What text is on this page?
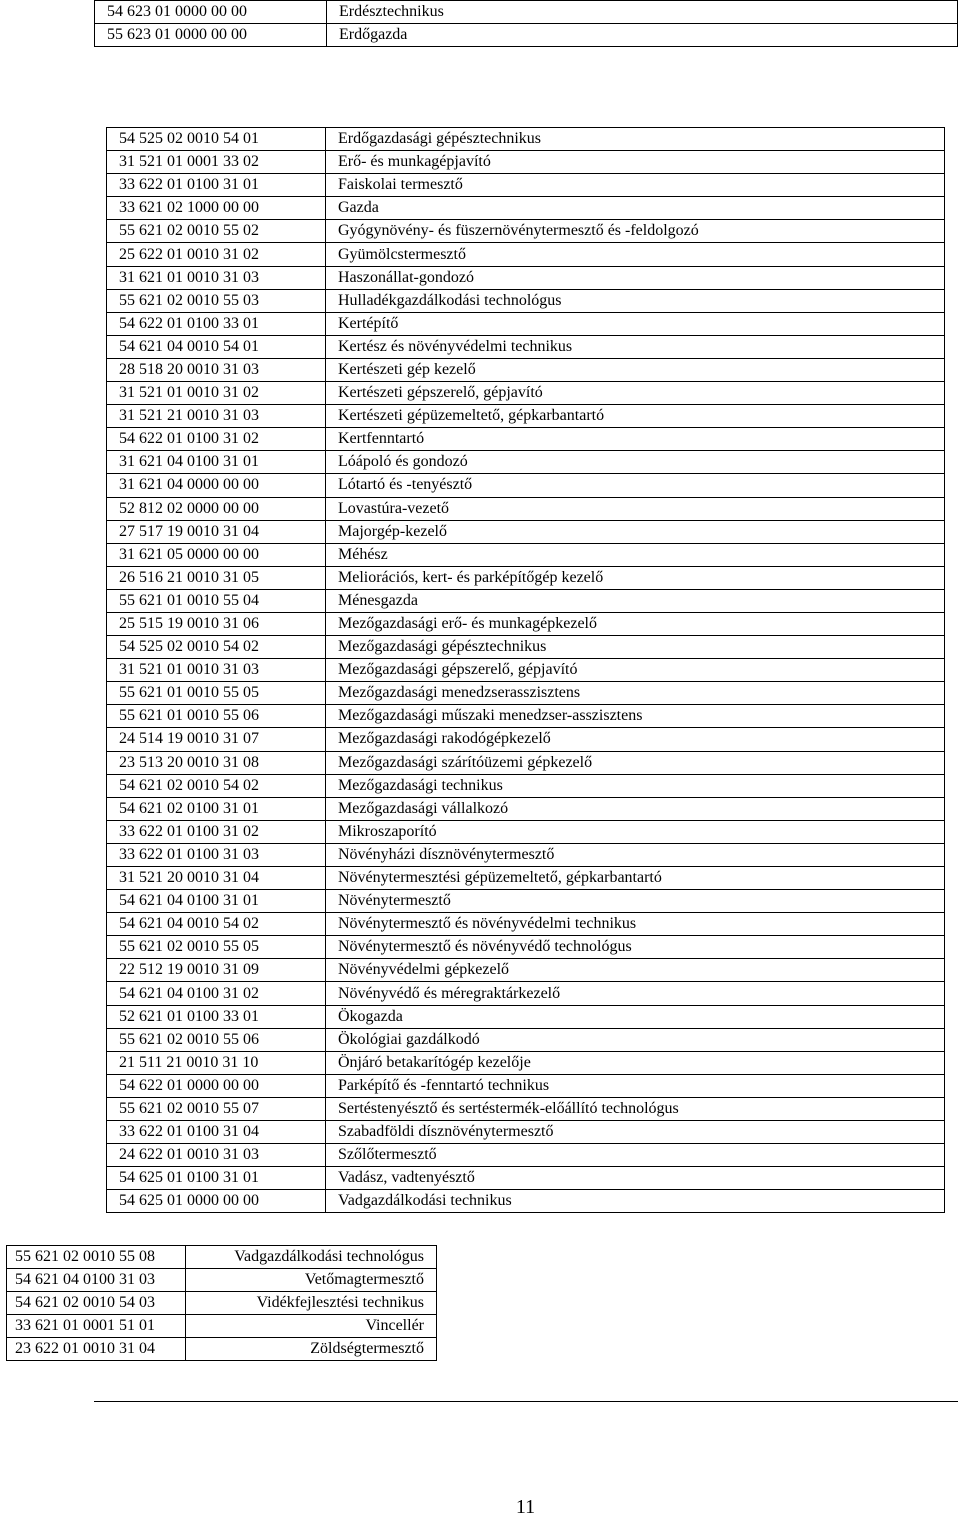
54 623 01 0000 00 00	Erdésztechnikus
55 623 01 0000 00 00	Erdőgazda
54 525 02 0010 54 01	Erdőgazdasági gépésztechnikus
31 521 01 0001 33 02	Erő- és munkagépjavító
33 622 01 0100 31 01	Faiskolai termesztő
33 621 02 1000 00 00	Gazda
55 621 02 0010 55 02	Gyógynövény- és füszernövénytermesztő és -feldolgozó
25 622 01 0010 31 02	Gyümölcstermesztő
31 621 01 0010 31 03	Haszonállat-gondozó
55 621 02 0010 55 03	Hulladékgazdálkodási technológus
54 622 01 0100 33 01	Kertépítő
54 621 04 0010 54 01	Kertész és növényvédelmi technikus
28 518 20 0010 31 03	Kertészeti gép kezelő
31 521 01 0010 31 02	Kertészeti gépszerelő, gépjavító
31 521 21 0010 31 03	Kertészeti gépüzemeltető, gépkarbantartó
54 622 01 0100 31 02	Kertfenntartó
31 621 04 0100 31 01	Lóápoló és gondozó
31 621 04 0000 00 00	Lótartó és -tenyésztő
52 812 02 0000 00 00	Lovastúra-vezető
27 517 19 0010 31 04	Majorgép-kezelő
31 621 05 0000 00 00	Méhész
26 516 21 0010 31 05	Meliorációs, kert- és parképítőgép kezelő
55 621 01 0010 55 04	Ménesgazda
25 515 19 0010 31 06	Mezőgazdasági erő- és munkagépkezelő
54 525 02 0010 54 02	Mezőgazdasági gépésztechnikus
31 521 01 0010 31 03	Mezőgazdasági gépszerelő, gépjavító
55 621 01 0010 55 05	Mezőgazdasági menedzserasszisztens
55 621 01 0010 55 06	Mezőgazdasági műszaki menedzser-asszisztens
24 514 19 0010 31 07	Mezőgazdasági rakodógépkezelő
23 513 20 0010 31 08	Mezőgazdasági szárítóüzemi gépkezelő
54 621 02 0010 54 02	Mezőgazdasági technikus
54 621 02 0100 31 01	Mezőgazdasági vállalkozó
33 622 01 0100 31 02	Mikroszaporító
33 622 01 0100 31 03	Növényházi dísznövénytermesztő
31 521 20 0010 31 04	Növénytermesztési gépüzemeltető, gépkarbantartó
54 621 04 0100 31 01	Növénytermesztő
54 621 04 0010 54 02	Növénytermesztő és növényvédelmi technikus
55 621 02 0010 55 05	Növénytermesztő és növényvédő technológus
22 512 19 0010 31 09	Növényvédelmi gépkezelő
54 621 04 0100 31 02	Növényvédő és méregraktárkezelő
52 621 01 0100 33 01	Ökogazda
55 621 02 0010 55 06	Ökológiai gazdálkodó
21 511 21 0010 31 10	Önjáró betakarítógép kezelője
54 622 01 0000 00 00	Parképítő és -fenntartó technikus
55 621 02 0010 55 07	Sertéstenyésztő és sertéstermék-előállító technológus
33 622 01 0100 31 04	Szabadföldi dísznövénytermesztő
24 622 01 0010 31 03	Szőlőtermesztő
54 625 01 0100 31 01	Vadász, vadtenyésztő
54 625 01 0000 00 00	Vadgazdálkodási technikus
55 621 02 0010 55 08	Vadgazdálkodási technológus
54 621 04 0100 31 03	Vetőmagtermesztő
54 621 02 0010 54 03	Vidékfejlesztési technikus
33 621 01 0001 51 01	Vincellér
23 622 01 0010 31 04	Zöldségtermesztő
11
